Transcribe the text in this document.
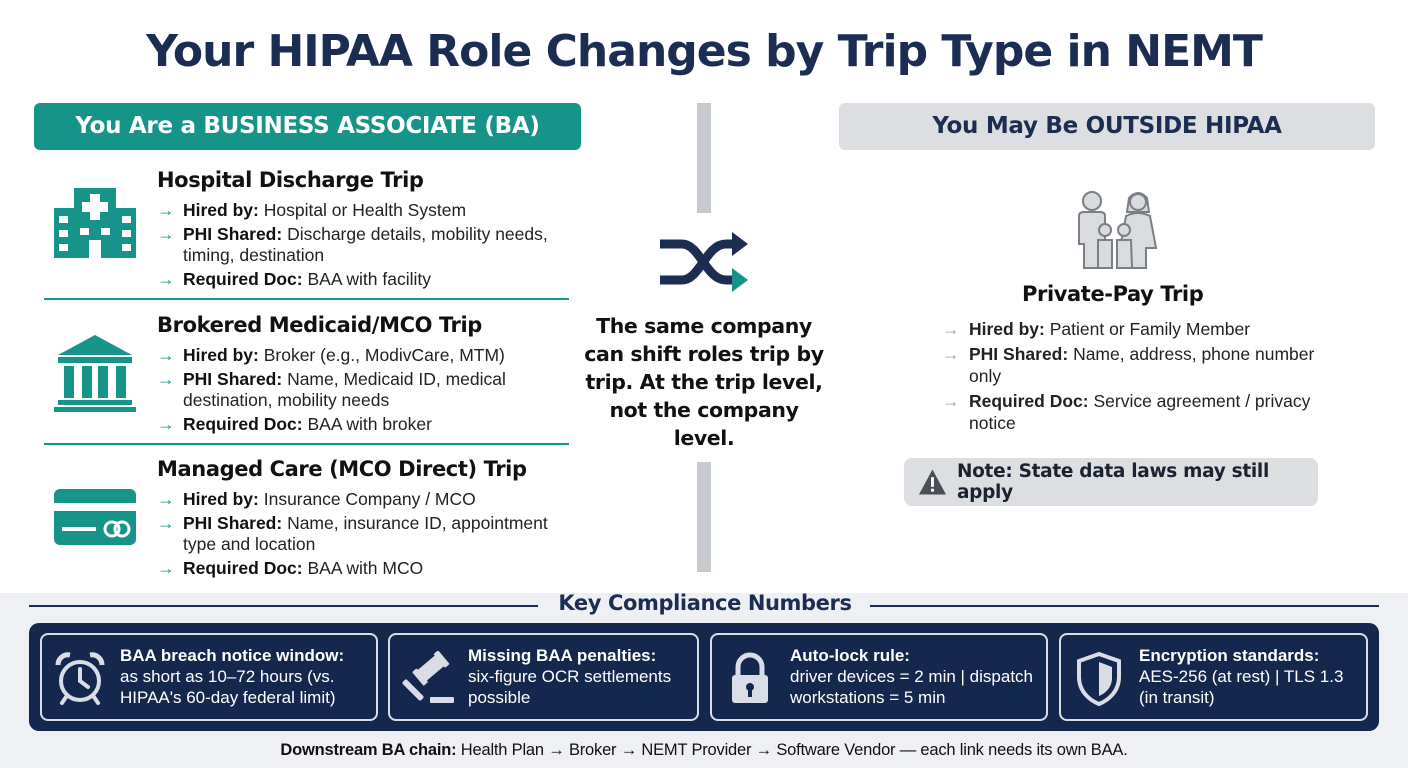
Your HIPAA Role Changes by Trip Type in NEMT
You Are a BUSINESS ASSOCIATE (BA)	You May Be OUTSIDE HIPAA
Hospital Discharge Trip
→ Hired by: Hospital or Health System
→ PHI Shared: Discharge details, mobility needs, timing, destination
→ Required Doc: BAA with facility
Brokered Medicaid/MCO Trip
→ Hired by: Broker (e.g., ModivCare, MTM)
→ PHI Shared: Name, Medicaid ID, medical destination, mobility needs
→ Required Doc: BAA with broker
Managed Care (MCO Direct) Trip
→ Hired by: Insurance Company / MCO
→ PHI Shared: Name, insurance ID, appointment type and location
→ Required Doc: BAA with MCO
The same company can shift roles trip by trip. At the trip level, not the company level.
Private-Pay Trip
→ Hired by: Patient or Family Member
→ PHI Shared: Name, address, phone number only
→ Required Doc: Service agreement / privacy notice
Note: State data laws may still apply
Key Compliance Numbers
BAA breach notice window:
as short as 10–72 hours (vs. HIPAA's 60-day federal limit)
Missing BAA penalties:
six-figure OCR settlements possible
Auto-lock rule:
driver devices = 2 min | dispatch workstations = 5 min
Encryption standards:
AES-256 (at rest) | TLS 1.3 (in transit)
Downstream BA chain: Health Plan → Broker → NEMT Provider → Software Vendor — each link needs its own BAA.
